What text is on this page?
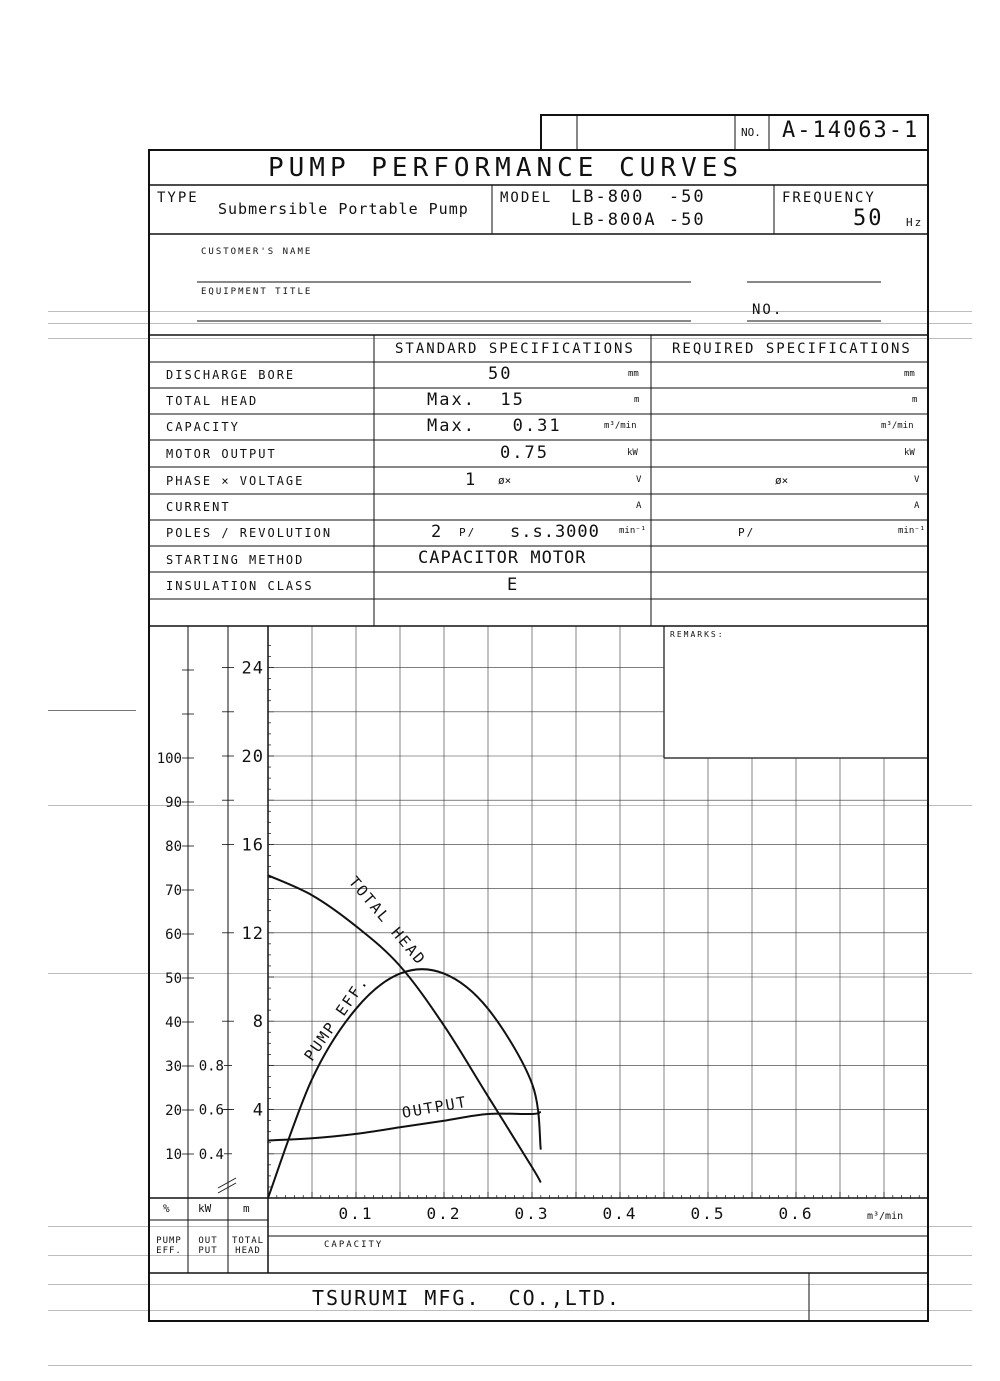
NO. A-14063-1
PUMP PERFORMANCE CURVES
TYPE
Submersible Portable Pump
MODEL LB-800  -50
LB-800A -50
FREQUENCY
50 Hz
CUSTOMER'S NAME
EQUIPMENT TITLE
NO.
STANDARD SPECIFICATIONS	REQUIRED SPECIFICATIONS
DISCHARGE BORE	50	mm	mm
TOTAL HEAD	Max.  15	m	m
CAPACITY	Max.   0.31	m³/min	m³/min
MOTOR OUTPUT	0.75	kW	kW
PHASE × VOLTAGE	1 ø×	V	ø×	V
CURRENT	A	A
POLES / REVOLUTION	2 P/ s.s.3000 min⁻¹	P/	min⁻¹
STARTING METHOD	CAPACITOR MOTOR
INSULATION CLASS	E
REMARKS:
0.1	0.2	0.3	0.4	0.5	0.6
24
20
16
12
8
4
100
90
80
70
60
50
40
30
20
10
0.8
0.6
0.4
TOTAL HEAD
PUMP EFF.
OUTPUT
%	kW	m
PUMP EFF.
OUT PUT
TOTAL HEAD
CAPACITY
m³/min
TSURUMI MFG.  CO.,LTD.
